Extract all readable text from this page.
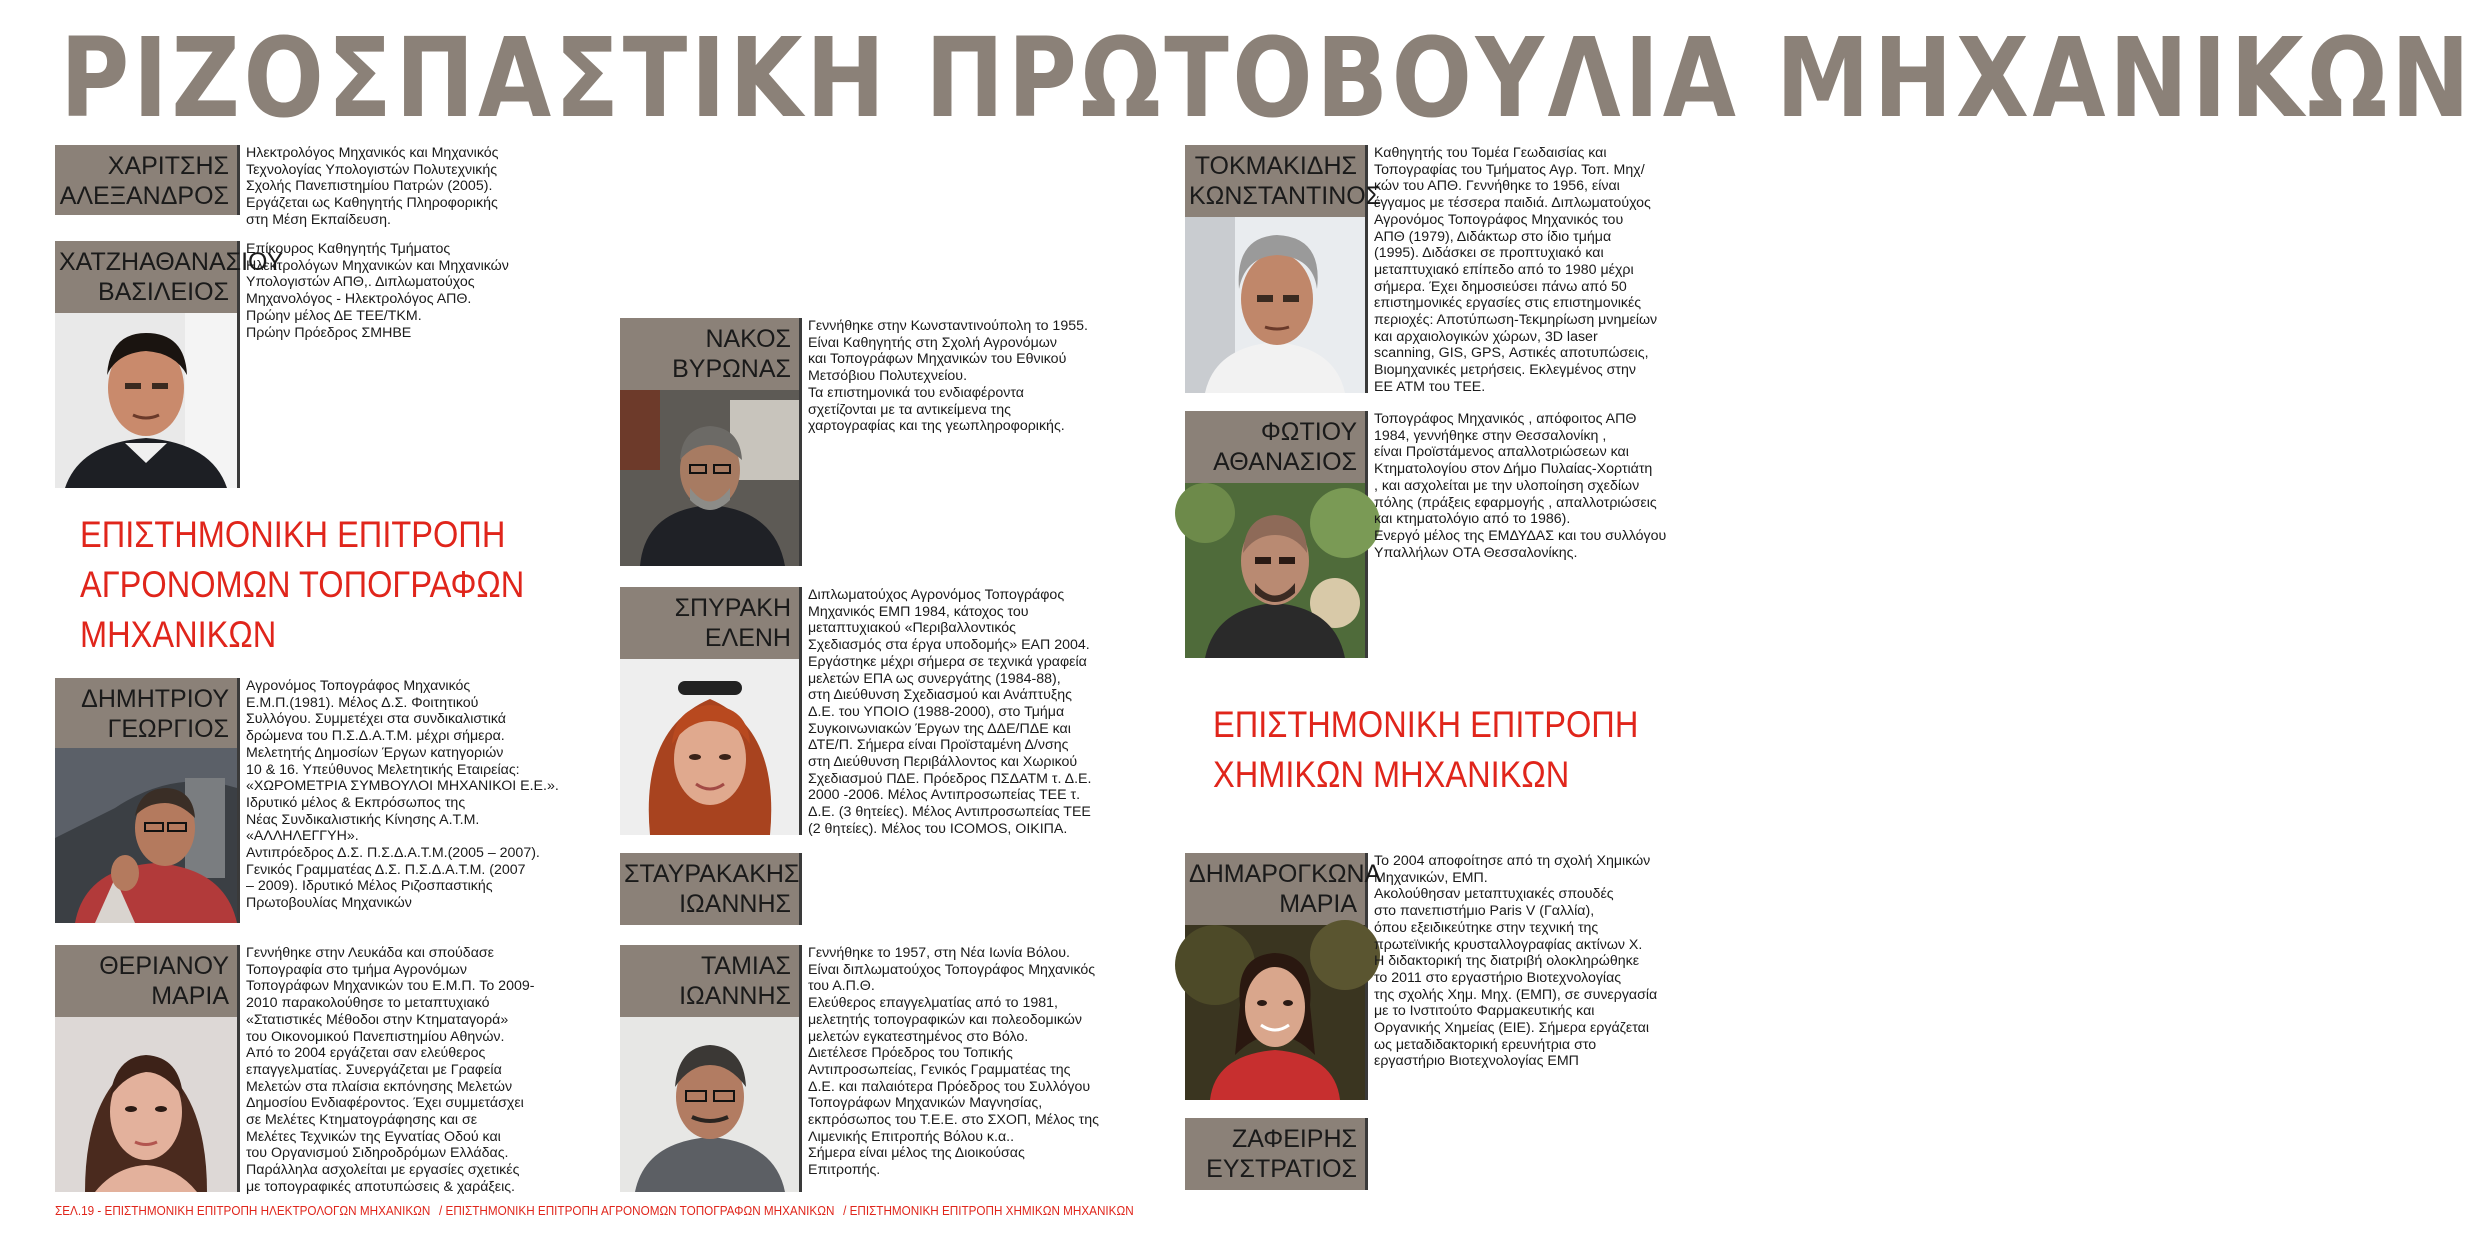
ΡΙΖΟΣΠΑΣΤΙΚΗ ΠΡΩΤΟΒΟΥΛΙΑ ΜΗΧΑΝΙΚΩΝ
ΧΑΡΙΤΣΗΣ
ΑΛΕΞΑΝΔΡΟΣ
Ηλεκτρολόγος Μηχανικός και Μηχανικός
Τεχνολογίας Υπολογιστών Πολυτεχνικής
Σχολής Πανεπιστημίου Πατρών (2005).
Εργάζεται ως Καθηγητής Πληροφορικής
στη Μέση Εκπαίδευση.
ΧΑΤΖΗΑΘΑΝΑΣΙΟΥ
ΒΑΣΙΛΕΙΟΣ
Επίκουρος Καθηγητής Τμήματος
Ηλεκτρολόγων Μηχανικών και Μηχανικών
Υπολογιστών ΑΠΘ,. Διπλωματούχος
Μηχανολόγος - Ηλεκτρολόγος ΑΠΘ.
Πρώην μέλος ΔΕ ΤΕΕ/ΤΚΜ.
Πρώην Πρόεδρος ΣΜΗΒΕ
ΕΠΙΣΤΗΜΟΝΙΚΗ ΕΠΙΤΡΟΠΗ
ΑΓΡΟΝΟΜΩΝ ΤΟΠΟΓΡΑΦΩΝ
ΜΗΧΑΝΙΚΩΝ
ΔΗΜΗΤΡΙΟΥ
ΓΕΩΡΓΙΟΣ
Αγρονόμος Τοπογράφος Μηχανικός
Ε.Μ.Π.(1981). Μέλος Δ.Σ. Φοιτητικού
Συλλόγου. Συμμετέχει στα συνδικαλιστικά
δρώμενα του Π.Σ.Δ.Α.Τ.Μ. μέχρι σήμερα.
Μελετητής Δημοσίων Έργων κατηγοριών
10 & 16. Υπεύθυνος Μελετητικής Εταιρείας:
«ΧΩΡΟΜΕΤΡΙΑ ΣΥΜΒΟΥΛΟΙ ΜΗΧΑΝΙΚΟΙ Ε.Ε.».
Ιδρυτικό μέλος & Εκπρόσωπος της
Νέας Συνδικαλιστικής Κίνησης Α.Τ.Μ.
«ΑΛΛΗΛΕΓΓΥΗ».
Αντιπρόεδρος Δ.Σ. Π.Σ.Δ.Α.Τ.Μ.(2005 – 2007).
Γενικός Γραμματέας Δ.Σ. Π.Σ.Δ.Α.Τ.Μ. (2007
– 2009). Ιδρυτικό Μέλος Ριζοσπαστικής
Πρωτοβουλίας Μηχανικών
ΘΕΡΙΑΝΟΥ
ΜΑΡΙΑ
Γεννήθηκε στην Λευκάδα και σπούδασε
Τοπογραφία στο τμήμα Αγρονόμων
Τοπογράφων Μηχανικών του Ε.Μ.Π. Το 2009-
2010 παρακολούθησε το μεταπτυχιακό
«Στατιστικές Μέθοδοι στην Κτηματαγορά»
του Οικονομικού Πανεπιστημίου Αθηνών.
Από το 2004 εργάζεται σαν ελεύθερος
επαγγελματίας. Συνεργάζεται με Γραφεία
Μελετών στα πλαίσια εκπόνησης Μελετών
Δημοσίου Ενδιαφέροντος. Έχει συμμετάσχει
σε Μελέτες Κτηματογράφησης και σε
Μελέτες Τεχνικών της Εγνατίας Οδού και
του Οργανισμού Σιδηροδρόμων Ελλάδας.
Παράλληλα ασχολείται με εργασίες σχετικές
με τοπογραφικές αποτυπώσεις & χαράξεις.
ΝΑΚΟΣ
ΒΥΡΩΝΑΣ
Γεννήθηκε στην Κωνσταντινούπολη το 1955.
Είναι Καθηγητής στη Σχολή Αγρονόμων
και Τοπογράφων Μηχανικών του Εθνικού
Μετσόβιου Πολυτεχνείου.
Τα επιστημονικά του ενδιαφέροντα
σχετίζονται με τα αντικείμενα της
χαρτογραφίας και της γεωπληροφορικής.
ΣΠΥΡΑΚΗ
ΕΛΕΝΗ
Διπλωματούχος Αγρονόμος Τοπογράφος
Μηχανικός ΕΜΠ 1984, κάτοχος του
μεταπτυχιακού «Περιβαλλοντικός
Σχεδιασμός στα έργα υποδομής» ΕΑΠ 2004.
Εργάστηκε μέχρι σήμερα σε τεχνικά γραφεία
μελετών ΕΠΑ ως συνεργάτης (1984-88),
στη Διεύθυνση Σχεδιασμού και Ανάπτυξης
Δ.Ε. του ΥΠΟΙΟ (1988-2000), στο Τμήμα
Συγκοινωνιακών Έργων της ΔΔΕ/ΠΔΕ και
ΔΤΕ/Π. Σήμερα είναι Προϊσταμένη Δ/νσης
στη Διεύθυνση Περιβάλλοντος και Χωρικού
Σχεδιασμού ΠΔΕ. Πρόεδρος ΠΣΔΑΤΜ τ. Δ.Ε.
2000 -2006. Μέλος Αντιπροσωπείας ΤΕΕ τ.
Δ.Ε. (3 θητείες). Μέλος Αντιπροσωπείας ΤΕΕ
(2 θητείες). Μέλος του ICOMOS, ΟΙΚΙΠΑ.
ΣΤΑΥΡΑΚΑΚΗΣ
ΙΩΑΝΝΗΣ
ΤΑΜΙΑΣ
ΙΩΑΝΝΗΣ
Γεννήθηκε το 1957, στη Νέα Ιωνία Βόλου.
Είναι διπλωματούχος Τοπογράφος Μηχανικός
του Α.Π.Θ.
Ελεύθερος επαγγελματίας από το 1981,
μελετητής τοπογραφικών και πολεοδομικών
μελετών εγκατεστημένος στο Βόλο.
Διετέλεσε Πρόεδρος του Τοπικής
Αντιπροσωπείας, Γενικός Γραμματέας της
Δ.Ε. και παλαιότερα Πρόεδρος του Συλλόγου
Τοπογράφων Μηχανικών Μαγνησίας,
εκπρόσωπος του Τ.Ε.Ε. στο ΣΧΟΠ, Μέλος της
Λιμενικής Επιτροπής Βόλου κ.α..
Σήμερα είναι μέλος της Διοικούσας
Επιτροπής.
ΤΟΚΜΑΚΙΔΗΣ
ΚΩΝΣΤΑΝΤΙΝΟΣ
Καθηγητής του Τομέα Γεωδαισίας και
Τοπογραφίας του Τμήματος Αγρ. Τοπ. Μηχ/
κών του ΑΠΘ. Γεννήθηκε το 1956, είναι
έγγαμος με τέσσερα παιδιά. Διπλωματούχος
Αγρονόμος Τοπογράφος Μηχανικός του
ΑΠΘ (1979), Διδάκτωρ στο ίδιο τμήμα
(1995). Διδάσκει σε προπτυχιακό και
μεταπτυχιακό επίπεδο από το 1980 μέχρι
σήμερα. Έχει δημοσιεύσει πάνω από 50
επιστημονικές εργασίες στις επιστημονικές
περιοχές: Αποτύπωση-Τεκμηρίωση μνημείων
και αρχαιολογικών χώρων, 3D laser
scanning, GIS, GPS, Αστικές αποτυπώσεις,
Βιομηχανικές μετρήσεις. Εκλεγμένος στην
ΕΕ ΑΤΜ του ΤΕΕ.
ΦΩΤΙΟΥ
ΑΘΑΝΑΣΙΟΣ
Τοπογράφος Μηχανικός , απόφοιτος ΑΠΘ
1984, γεννήθηκε στην Θεσσαλονίκη ,
είναι Προϊστάμενος απαλλοτριώσεων και
Κτηματολογίου στον Δήμο Πυλαίας-Χορτιάτη
, και ασχολείται με την υλοποίηση σχεδίων
πόλης (πράξεις εφαρμογής , απαλλοτριώσεις
και κτηματολόγιο από το 1986).
Ενεργό μέλος της ΕΜΔΥΔΑΣ και του συλλόγου
Υπαλλήλων ΟΤΑ Θεσσαλονίκης.
ΕΠΙΣΤΗΜΟΝΙΚΗ ΕΠΙΤΡΟΠΗ
ΧΗΜΙΚΩΝ ΜΗΧΑΝΙΚΩΝ
ΔΗΜΑΡΟΓΚΩΝΑ
ΜΑΡΙΑ
Το 2004 αποφοίτησε από τη σχολή Χημικών
Μηχανικών, ΕΜΠ.
Ακολούθησαν μεταπτυχιακές σπουδές
στο πανεπιστήμιο Paris V (Γαλλία),
όπου εξειδικεύτηκε στην τεχνική της
πρωτεϊνικής κρυσταλλογραφίας ακτίνων Χ.
Η διδακτορική της διατριβή ολοκληρώθηκε
το 2011 στο εργαστήριο Βιοτεχνολογίας
της σχολής Χημ. Μηχ. (ΕΜΠ), σε συνεργασία
με το Ινστιτούτο Φαρμακευτικής και
Οργανικής Χημείας (ΕΙΕ). Σήμερα εργάζεται
ως μεταδιδακτορική ερευνήτρια στο
εργαστήριο Βιοτεχνολογίας ΕΜΠ
ΖΑΦΕΙΡΗΣ
ΕΥΣΤΡΑΤΙΟΣ
ΣΕΛ.19 - ΕΠΙΣΤΗΜΟΝΙΚΗ ΕΠΙΤΡΟΠΗ ΗΛΕΚΤΡΟΛΟΓΩΝ ΜΗΧΑΝΙΚΩΝ / ΕΠΙΣΤΗΜΟΝΙΚΗ ΕΠΙΤΡΟΠΗ ΑΓΡΟΝΟΜΩΝ ΤΟΠΟΓΡΑΦΩΝ ΜΗΧΑΝΙΚΩΝ / ΕΠΙΣΤΗΜΟΝΙΚΗ ΕΠΙΤΡΟΠΗ ΧΗΜΙΚΩΝ ΜΗΧΑΝΙΚΩΝ
